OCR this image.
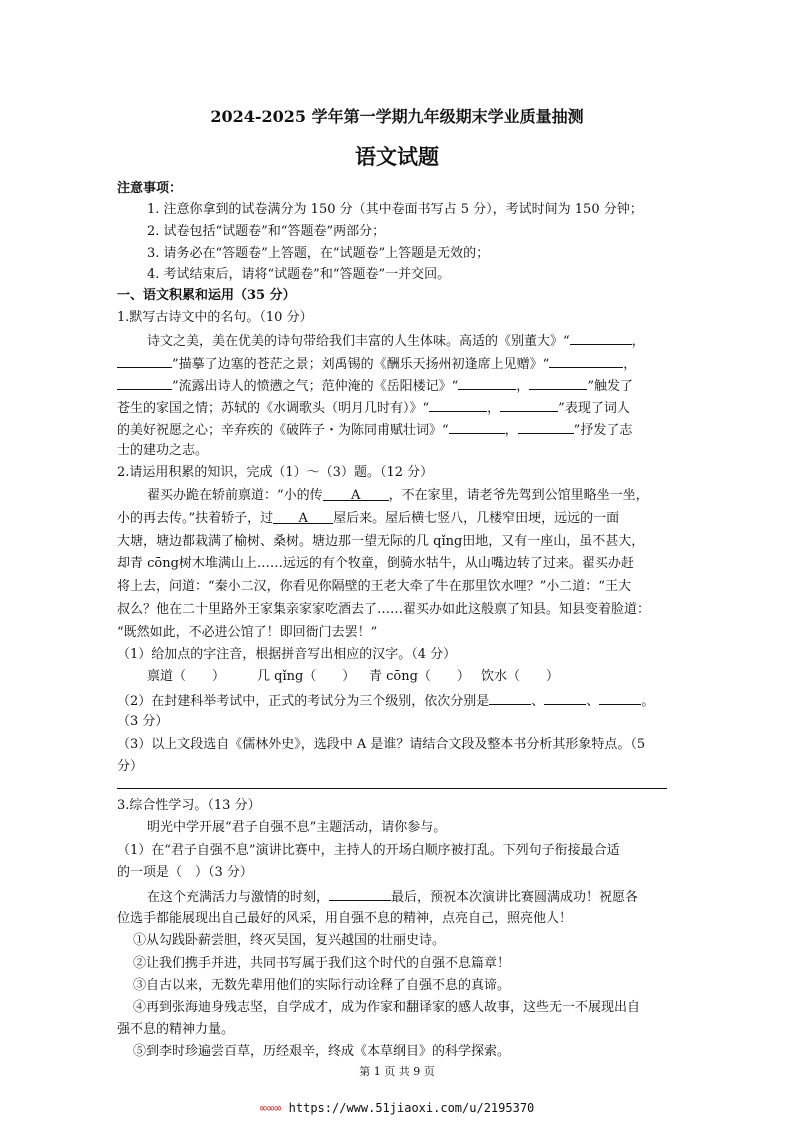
2024-2025 学年第一学期九年级期末学业质量抽测
语文试题
注意事项：
1. 注意你拿到的试卷满分为 150 分（其中卷面书写占 5 分），考试时间为 150 分钟；
2. 试卷包括“试题卷”和“答题卷”两部分；
3. 请务必在“答题卷”上答题，在“试题卷”上答题是无效的；
4. 考试结束后，请将“试题卷”和“答题卷”一并交回。
一、语文积累和运用（35 分）
1.默写古诗文中的名句。（10 分）
诗文之美，美在优美的诗句带给我们丰富的人生体味。高适的《别董大》“	，
”描摹了边塞的苍茫之景；刘禹锡的《酬乐天扬州初逢席上见赠》“	，
”流露出诗人的愤懑之气；范仲淹的《岳阳楼记》“	，	”触发了
苍生的家国之情；苏轼的《水调歌头（明月几时有）》“	，	”表现了词人
的美好祝愿之心；辛弃疾的《破阵子・为陈同甫赋壮词》“	，	”抒发了志
士的建功之志。
2.请运用积累的知识，完成（1）～（3）题。（12 分）
翟买办跪在轿前禀道：“小的传 A ，不在家里，请老爷先驾到公馆里略坐一坐，
小的再去传。”扶着轿子，过 A 屋后来。屋后横七竖八，几楼窄田埂，远远的一面
大塘，塘边都栽满了榆树、桑树。塘边那一望无际的几 qǐng田地，又有一座山，虽不甚大，
却青 cōng树木堆满山上……远远的有个牧童，倒骑水牯牛，从山嘴边转了过来。翟买办赶
将上去，问道：“秦小二汉，你看见你隔壁的王老大牵了牛在那里饮水哩？”小二道：“王大
叔么？他在二十里路外王家集亲家家吃酒去了……翟买办如此这般禀了知县。知县变着脸道：
“既然如此，不必进公馆了！即回衙门去罢！”
（1）给加点的字注音，根据拼音写出相应的汉字。（4 分）
禀道（　　） 几 qǐng（　　） 青 cōng（　　） 饮水（　　）
（2）在封建科举考试中，正式的考试分为三个级别，依次分别是	、	、	。
（3 分）
（3）以上文段选自《儒林外史》，选段中 A 是谁？请结合文段及整本书分析其形象特点。（5
分）
3.综合性学习。（13 分）
明光中学开展“君子自强不息”主题活动，请你参与。
（1）在“君子自强不息”演讲比赛中，主持人的开场白顺序被打乱。下列句子衔接最合适
的一项是（　）（3 分）
在这个充满活力与激情的时刻，	最后，预祝本次演讲比赛圆满成功！祝愿各
位选手都能展现出自己最好的风采，用自强不息的精神，点亮自己，照亮他人！
①从勾践卧薪尝胆，终灭吴国，复兴越国的壮丽史诗。
②让我们携手并进，共同书写属于我们这个时代的自强不息篇章！
③自古以来，无数先辈用他们的实际行动诠释了自强不息的真谛。
④再到张海迪身残志坚，自学成才，成为作家和翻译家的感人故事，这些无一不展现出自
强不息的精神力量。
⑤到李时珍遍尝百草，历经艰辛，终成《本草纲目》的科学探索。
第 1 页 共 9 页
∞∞∞ https://www.51jiaoxi.com/u/2195370
